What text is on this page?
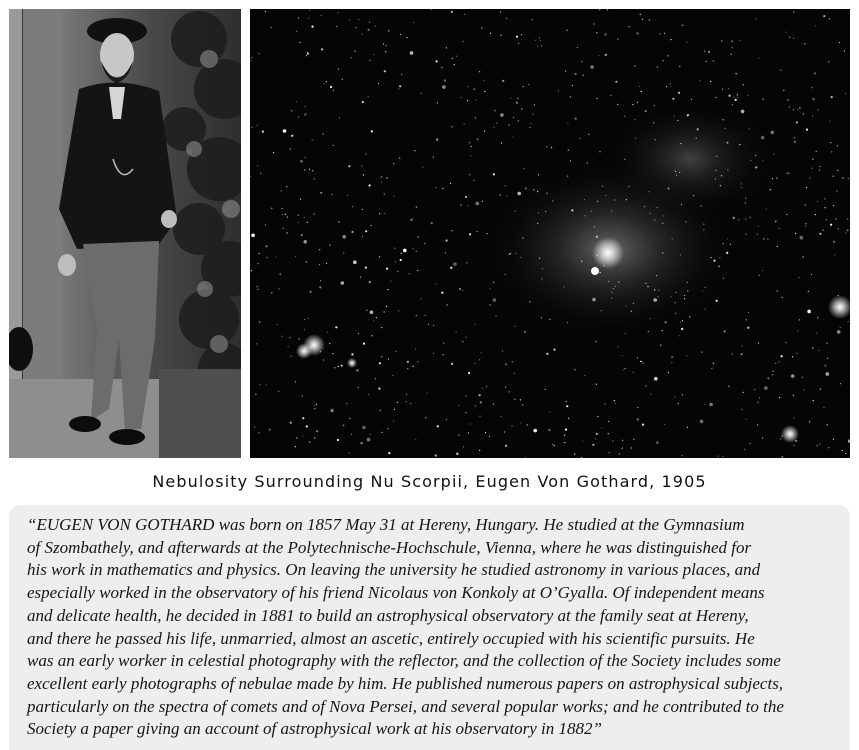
Nebulosity Surrounding Nu Scorpii, Eugen Von Gothard, 1905

“EUGEN VON GOTHARD was born on 1857 May 31 at Hereny, Hungary. He studied at the Gymnasium
of Szombathely, and afterwards at the Polytechnische-Hochschule, Vienna, where he was distinguished for
his work in mathematics and physics. On leaving the university he studied astronomy in various places, and
especially worked in the observatory of his friend Nicolaus von Konkoly at O’Gyalla. Of independent means
and delicate health, he decided in 1881 to build an astrophysical observatory at the family seat at Hereny,
and there he passed his life, unmarried, almost an ascetic, entirely occupied with his scientific pursuits. He
was an early worker in celestial photography with the reflector, and the collection of the Society includes some
excellent early photographs of nebulae made by him. He published numerous papers on astrophysical subjects,
particularly on the spectra of comets and of Nova Persei, and several popular works; and he contributed to the
Society a paper giving an account of astrophysical work at his observatory in 1882”
